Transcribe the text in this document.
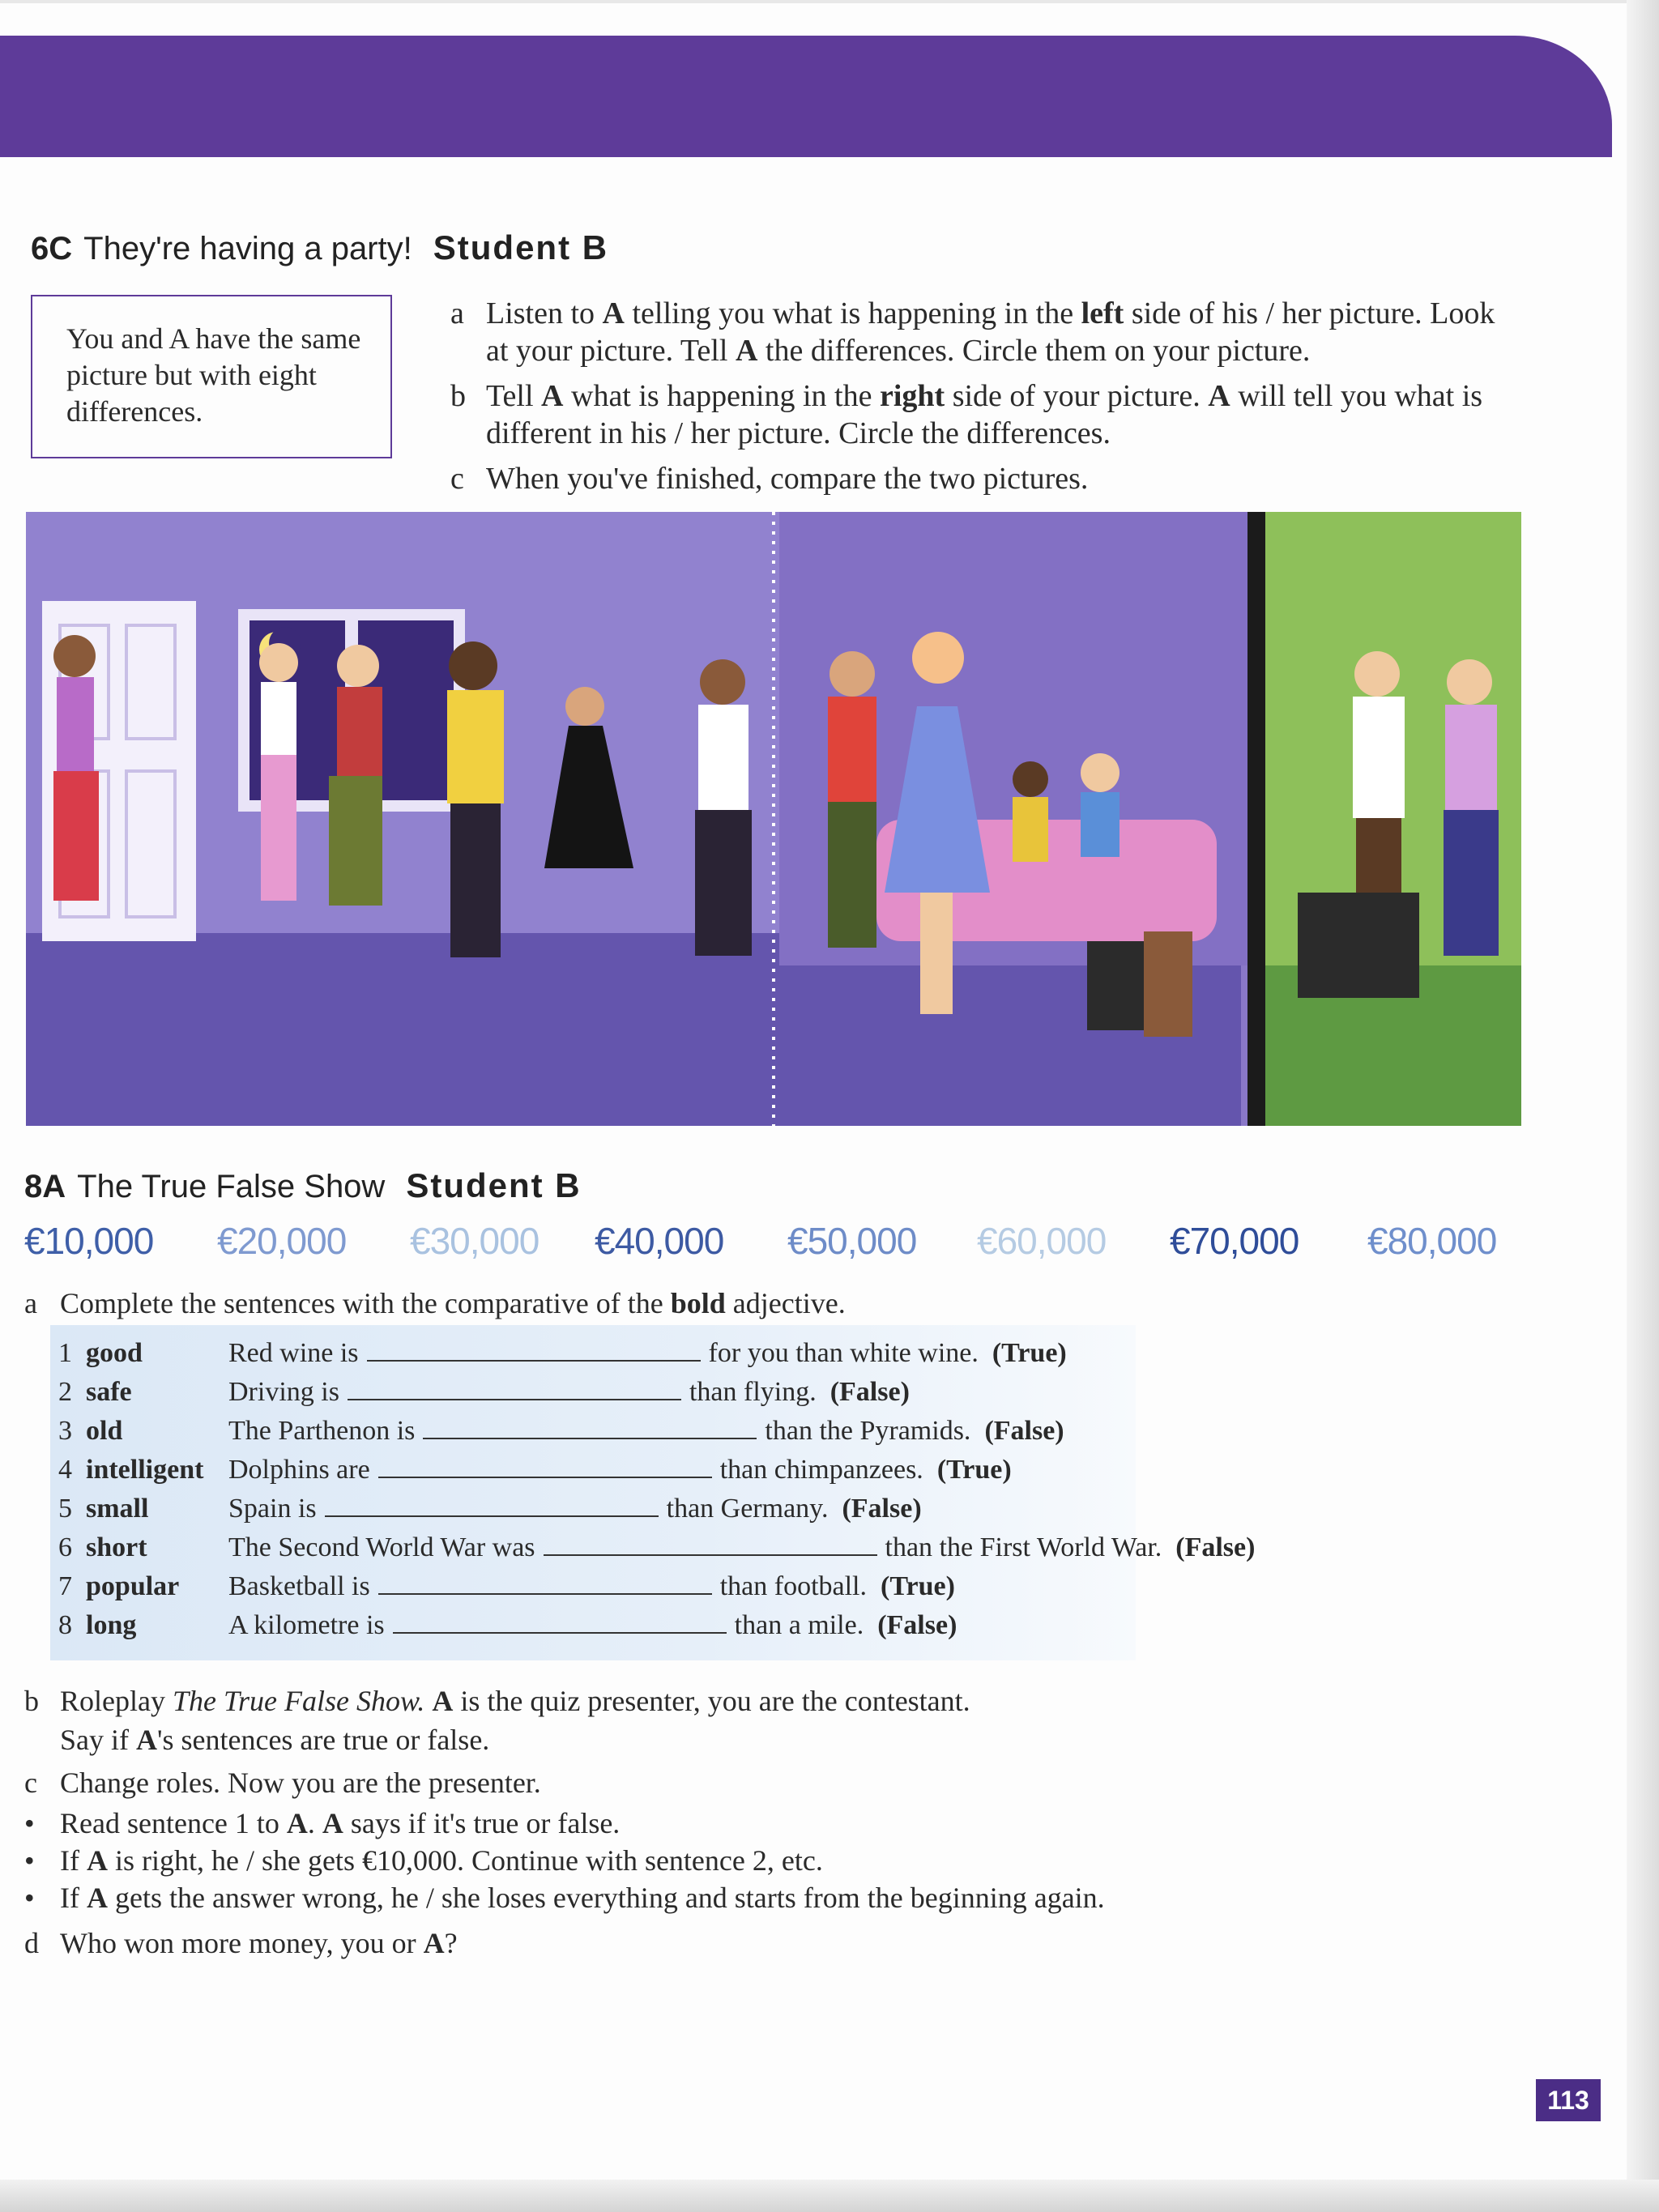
6C They're having a party! Student B
You and A have the same picture but with eight differences.
a Listen to A telling you what is happening in the left side of his / her picture. Look at your picture. Tell A the differences. Circle them on your picture.
b Tell A what is happening in the right side of your picture. A will tell you what is different in his / her picture. Circle the differences.
c When you've finished, compare the two pictures.
8A The True False Show Student B
€10,000 €20,000 €30,000 €40,000 €50,000 €60,000 €70,000 €80,000
a Complete the sentences with the comparative of the bold adjective.
1 good	Red wine is	for you than white wine. (True)
2 safe	Driving is	than flying. (False)
3 old	The Parthenon is	than the Pyramids. (False)
4 intelligent Dolphins are	than chimpanzees. (True)
5 small	Spain is	than Germany. (False)
6 short	The Second World War was	than the First World War. (False)
7 popular Basketball is	than football. (True)
8 long	A kilometre is	than a mile. (False)
b Roleplay The True False Show. A is the quiz presenter, you are the contestant.
Say if A's sentences are true or false.
c Change roles. Now you are the presenter.
• Read sentence 1 to A. A says if it's true or false.
• If A is right, he / she gets €10,000. Continue with sentence 2, etc.
• If A gets the answer wrong, he / she loses everything and starts from the beginning again.
d Who won more money, you or A?
113
